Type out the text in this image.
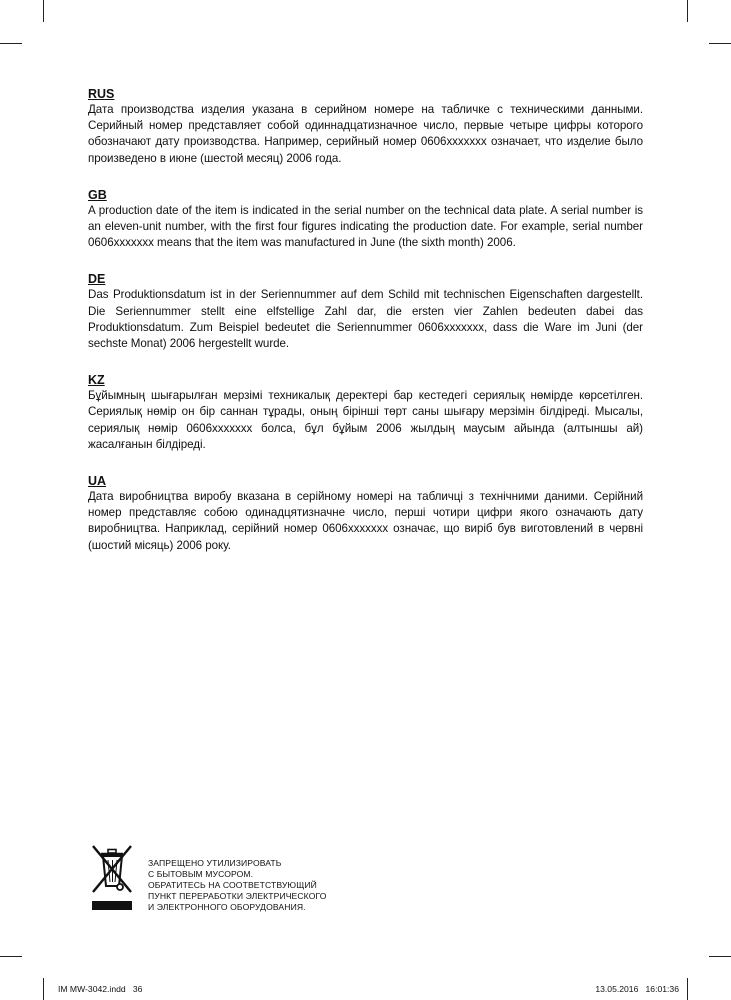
RUS

Дата производства изделия указана в серийном номере на табличке с техническими данными. Серийный номер представляет собой одиннадцатизначное число, первые четыре цифры которого обозначают дату производства. Например, серийный номер 0606xxxxxxx означает, что изделие было произведено в июне (шестой месяц) 2006 года.

GB

A production date of the item is indicated in the serial number on the technical data plate. A serial number is an eleven-unit number, with the first four figures indicating the production date. For example, serial number 0606xxxxxxx means that the item was manufactured in June (the sixth month) 2006.

DE

Das Produktionsdatum ist in der Seriennummer auf dem Schild mit technischen Eigenschaften dargestellt. Die Seriennummer stellt eine elfstellige Zahl dar, die ersten vier Zahlen bedeuten dabei das Produktionsdatum. Zum Beispiel bedeutet die Seriennummer 0606xxxxxxx, dass die Ware im Juni (der sechste Monat) 2006 hergestellt wurde.

KZ

Бұйымның шығарылған мерзімі техникалық деректері бар кестедегі сериялық нөмірде көрсетілген. Сериялық нөмір он бір саннан тұрады, оның бірінші төрт саны шығару мерзімін білдіреді. Мысалы, сериялық нөмір 0606xxxxxxx болса, бұл бұйым 2006 жылдың маусым айында (алтыншы ай) жасалғанын білдіреді.

UA

Дата виробництва виробу вказана в серійному номері на табличці з технічними даними. Серійний номер представляє собою одинадцятизначне число, перші чотири цифри якого означають дату виробництва. Наприклад, серійний номер 0606xxxxxxx означає, що виріб був виготовлений в червні (шостий місяць) 2006 року.

ЗАПРЕЩЕНО УТИЛИЗИРОВАТЬ
С БЫТОВЫМ МУСОРОМ.
ОБРАТИТЕСЬ НА СООТВЕТСТВУЮЩИЙ
ПУНКТ ПЕРЕРАБОТКИ ЭЛЕКТРИЧЕСКОГО
И ЭЛЕКТРОННОГО ОБОРУДОВАНИЯ.

IM MW-3042.indd   36	13.05.2016   16:01:36
